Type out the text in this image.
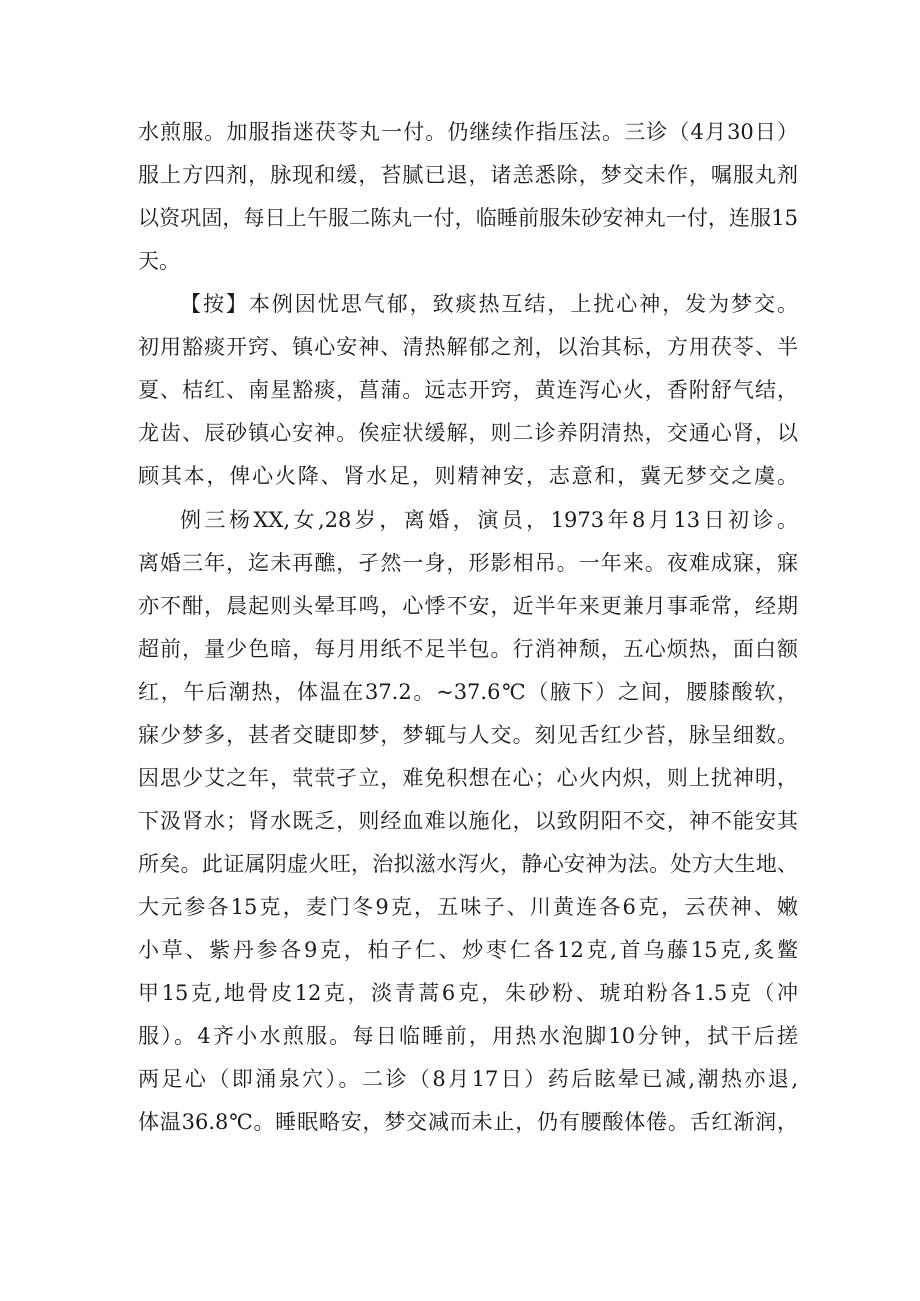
水煎服。加服指迷茯苓丸一付。仍继续作指压法。三诊（4月30日）
服上方四剂，脉现和缓，苔腻已退，诸恙悉除，梦交未作，嘱服丸剂
以资巩固，每日上午服二陈丸一付，临睡前服朱砂安神丸一付，连服15
天。
【按】本例因忧思气郁，致痰热互结，上扰心神，发为梦交。
初用豁痰开窍、镇心安神、清热解郁之剂，以治其标，方用茯苓、半
夏、桔红、南星豁痰，菖蒲。远志开窍，黄连泻心火，香附舒气结，
龙齿、辰砂镇心安神。俟症状缓解，则二诊养阴清热，交通心肾，以
顾其本，俾心火降、肾水足，则精神安，志意和，冀无梦交之虞。
例三杨XX,女,28岁，离婚，演员，1973年8月13日初诊。
离婚三年，迄未再醮，孑然一身，形影相吊。一年来。夜难成寐，寐
亦不酣，晨起则头晕耳鸣，心悸不安，近半年来更兼月事乖常，经期
超前，量少色暗，每月用纸不足半包。行消神颓，五心烦热，面白额
红，午后潮热，体温在37.2。~37.6℃（腋下）之间，腰膝酸软，
寐少梦多，甚者交睫即梦，梦辄与人交。刻见舌红少苔，脉呈细数。
因思少艾之年，茕茕孑立，难免积想在心；心火内炽，则上扰神明，
下汲肾水；肾水既乏，则经血难以施化，以致阴阳不交，神不能安其
所矣。此证属阴虚火旺，治拟滋水泻火，静心安神为法。处方大生地、
大元参各15克，麦门冬9克，五味子、川黄连各6克，云茯神、嫩
小草、紫丹参各9克，柏子仁、炒枣仁各12克,首乌藤15克,炙鳖
甲15克,地骨皮12克，淡青蒿6克，朱砂粉、琥珀粉各1.5克（冲
服）。4齐小水煎服。每日临睡前，用热水泡脚10分钟，拭干后搓
两足心（即涌泉穴）。二诊（8月17日）药后眩晕已减,潮热亦退,
体温36.8℃。睡眠略安，梦交减而未止，仍有腰酸体倦。舌红渐润，
